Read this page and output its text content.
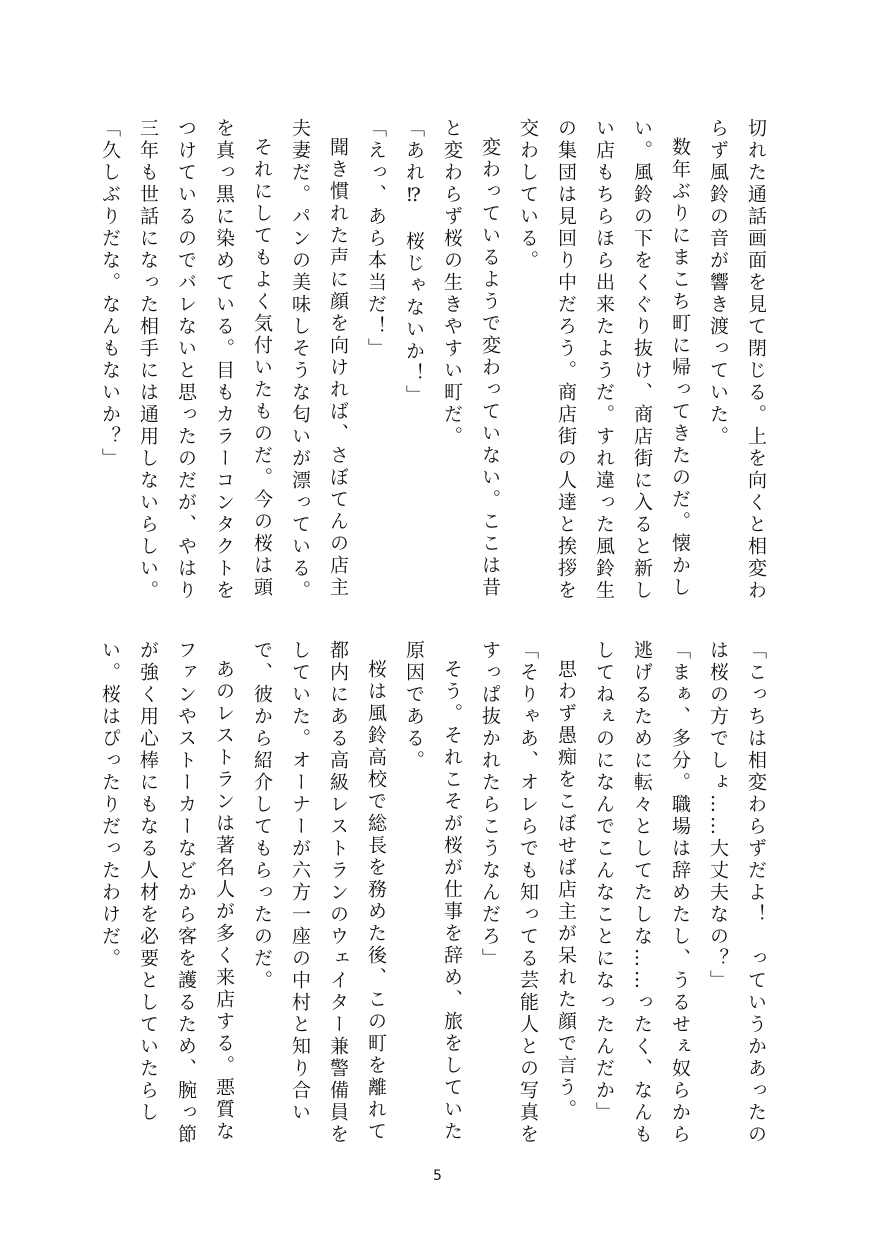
切れた通話画面を見て閉じる。上を向くと相変わらず風鈴の音が響き渡っていた。

数年ぶりにまこち町に帰ってきたのだ。懐かしい。風鈴の下をくぐり抜け、商店街に入ると新しい店もちらほら出来たようだ。すれ違った風鈴生の集団は見回り中だろう。商店街の人達と挨拶を交わしている。

変わっているようで変わっていない。ここは昔と変わらず桜の生きやすい町だ。

「あれ⁉　桜じゃないか！」

「えっ、あら本当だ！」

聞き慣れた声に顔を向ければ、さぼてんの店主夫妻だ。パンの美味しそうな匂いが漂っている。

それにしてもよく気付いたものだ。今の桜は頭を真っ黒に染めている。目もカラーコンタクトをつけているのでバレないと思ったのだが、やはり三年も世話になった相手には通用しないらしい。

「久しぶりだな。なんもないか？」

「こっちは相変わらずだよ！　っていうかあったのは桜の方でしょ……大丈夫なの？」

「まぁ、多分。職場は辞めたし、うるせぇ奴らから逃げるために転々としてたしな……ったく、なんもしてねぇのになんでこんなことになったんだか」

思わず愚痴をこぼせば店主が呆れた顔で言う。

「そりゃあ、オレらでも知ってる芸能人との写真をすっぱ抜かれたらこうなんだろ」

そう。それこそが桜が仕事を辞め、旅をしていた原因である。

桜は風鈴高校で総長を務めた後、この町を離れて都内にある高級レストランのウェイター兼警備員をしていた。オーナーが六方一座の中村と知り合いで、彼から紹介してもらったのだ。

あのレストランは著名人が多く来店する。悪質なファンやストーカーなどから客を護るため、腕っ節が強く用心棒にもなる人材を必要としていたらしい。桜はぴったりだったわけだ。

5
